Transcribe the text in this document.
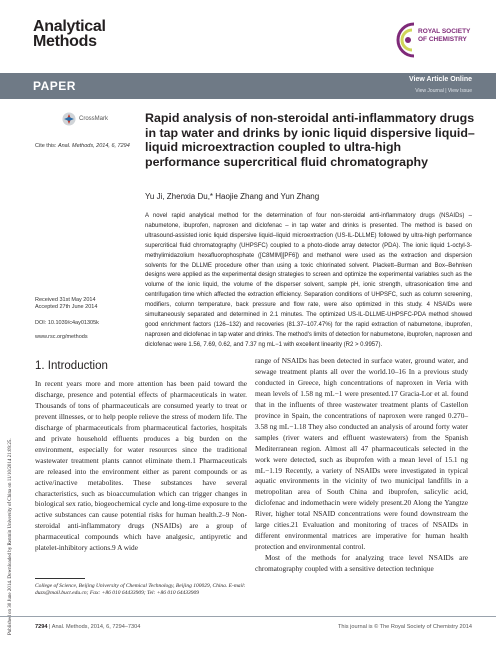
Analytical
Methods
ROYAL SOCIETY
OF CHEMISTRY
PAPER	View Article Online
View Journal | View Issue
Published on 30 June 2014. Downloaded by Renmin University of China on 11/10/2014 21:09:25.
CrossMark
Cite this: Anal. Methods, 2014, 6, 7294
Rapid analysis of non-steroidal anti-inflammatory drugs in tap water and drinks by ionic liquid dispersive liquid–liquid microextraction coupled to ultra-high performance supercritical fluid chromatography
Yu Ji, Zhenxia Du,* Haojie Zhang and Yun Zhang
A novel rapid analytical method for the determination of four non-steroidal anti-inflammatory drugs (NSAIDs) – nabumetone, ibuprofen, naproxen and diclofenac – in tap water and drinks is presented. The method is based on ultrasound-assisted ionic liquid dispersive liquid–liquid microextraction (US-IL-DLLME) followed by ultra-high performance supercritical fluid chromatography (UHPSFC) coupled to a photo-diode array detector (PDA). The ionic liquid 1-octyl-3-methylimidazolium hexafluorophosphate ([C8MIM][PF6]) and methanol were used as the extraction and dispersion solvents for the DLLME procedure other than using a toxic chlorinated solvent. Plackett–Burman and Box–Behnken designs were applied as the experimental design strategies to screen and optimize the experimental variables such as the volume of the ionic liquid, the volume of the disperser solvent, sample pH, ionic strength, ultrasonication time and centrifugation time which affected the extraction efficiency. Separation conditions of UHPSFC, such as column screening, modifiers, column temperature, back pressure and flow rate, were also optimized in this study. 4 NSAIDs were simultaneously separated and determined in 2.1 minutes. The optimized US-IL-DLLME-UHPSFC-PDA method showed good enrichment factors (126–132) and recoveries (81.37–107.47%) for the rapid extraction of nabumetone, ibuprofen, naproxen and diclofenac in tap water and drinks. The method's limits of detection for nabumetone, ibuprofen, naproxen and diclofenac were 1.56, 7.69, 0.62, and 7.37 ng mL−1 with excellent linearity (R2 > 0.9957).
Received 31st May 2014
Accepted 27th June 2014
DOI: 10.1039/c4ay01305k
www.rsc.org/methods
1. Introduction
In recent years more and more attention has been paid toward the discharge, presence and potential effects of pharmaceuticals in water. Thousands of tons of pharmaceuticals are consumed yearly to treat or prevent illnesses, or to help people relieve the stress of modern life. The discharge of pharmaceuticals from pharmaceutical factories, hospitals and private household effluents produces a big burden on the environment, especially for water resources since the traditional wastewater treatment plants cannot eliminate them.1 Pharmaceuticals are released into the environment either as parent compounds or as active/inactive metabolites. These substances have several characteristics, such as bioaccumulation which can trigger changes in biological sex ratio, biogeochemical cycle and long-time exposure to the active substances can cause potential risks for human health.2–9 Non-steroidal anti-inflammatory drugs (NSAIDs) are a group of pharmaceutical compounds which have analgesic, antipyretic and platelet-inhibitory actions.9 A wide
range of NSAIDs has been detected in surface water, ground water, and sewage treatment plants all over the world.10–16 In a previous study conducted in Greece, high concentrations of naproxen in Veria with mean levels of 1.58 ng mL−1 were presented.17 Gracia-Lor et al. found that in the influents of three wastewater treatment plants of Castellon province in Spain, the concentrations of naproxen were ranged 0.270–3.58 ng mL−1.18 They also conducted an analysis of around forty water samples (river waters and effluent wastewaters) from the Spanish Mediterranean region. Almost all 47 pharmaceuticals selected in the work were detected, such as ibuprofen with a mean level of 15.1 ng mL−1.19 Recently, a variety of NSAIDs were investigated in typical aquatic environments in the vicinity of two municipal landfills in a metropolitan area of South China and ibuprofen, salicylic acid, diclofenac and indomethacin were widely present.20 Along the Yangtze River, higher total NSAID concentrations were found downstream the large cities.21 Evaluation and monitoring of traces of NSAIDs in different environmental matrices are imperative for human health protection and environmental control.
Most of the methods for analyzing trace level NSAIDs are chromatography coupled with a sensitive detection technique
College of Science, Beijing University of Chemical Technology, Beijing 100029, China. E-mail: duzx@mail.buct.edu.cn; Fax: +86 010 64433909; Tel: +86 010 64433909
7294 | Anal. Methods, 2014, 6, 7294–7304	This journal is © The Royal Society of Chemistry 2014
